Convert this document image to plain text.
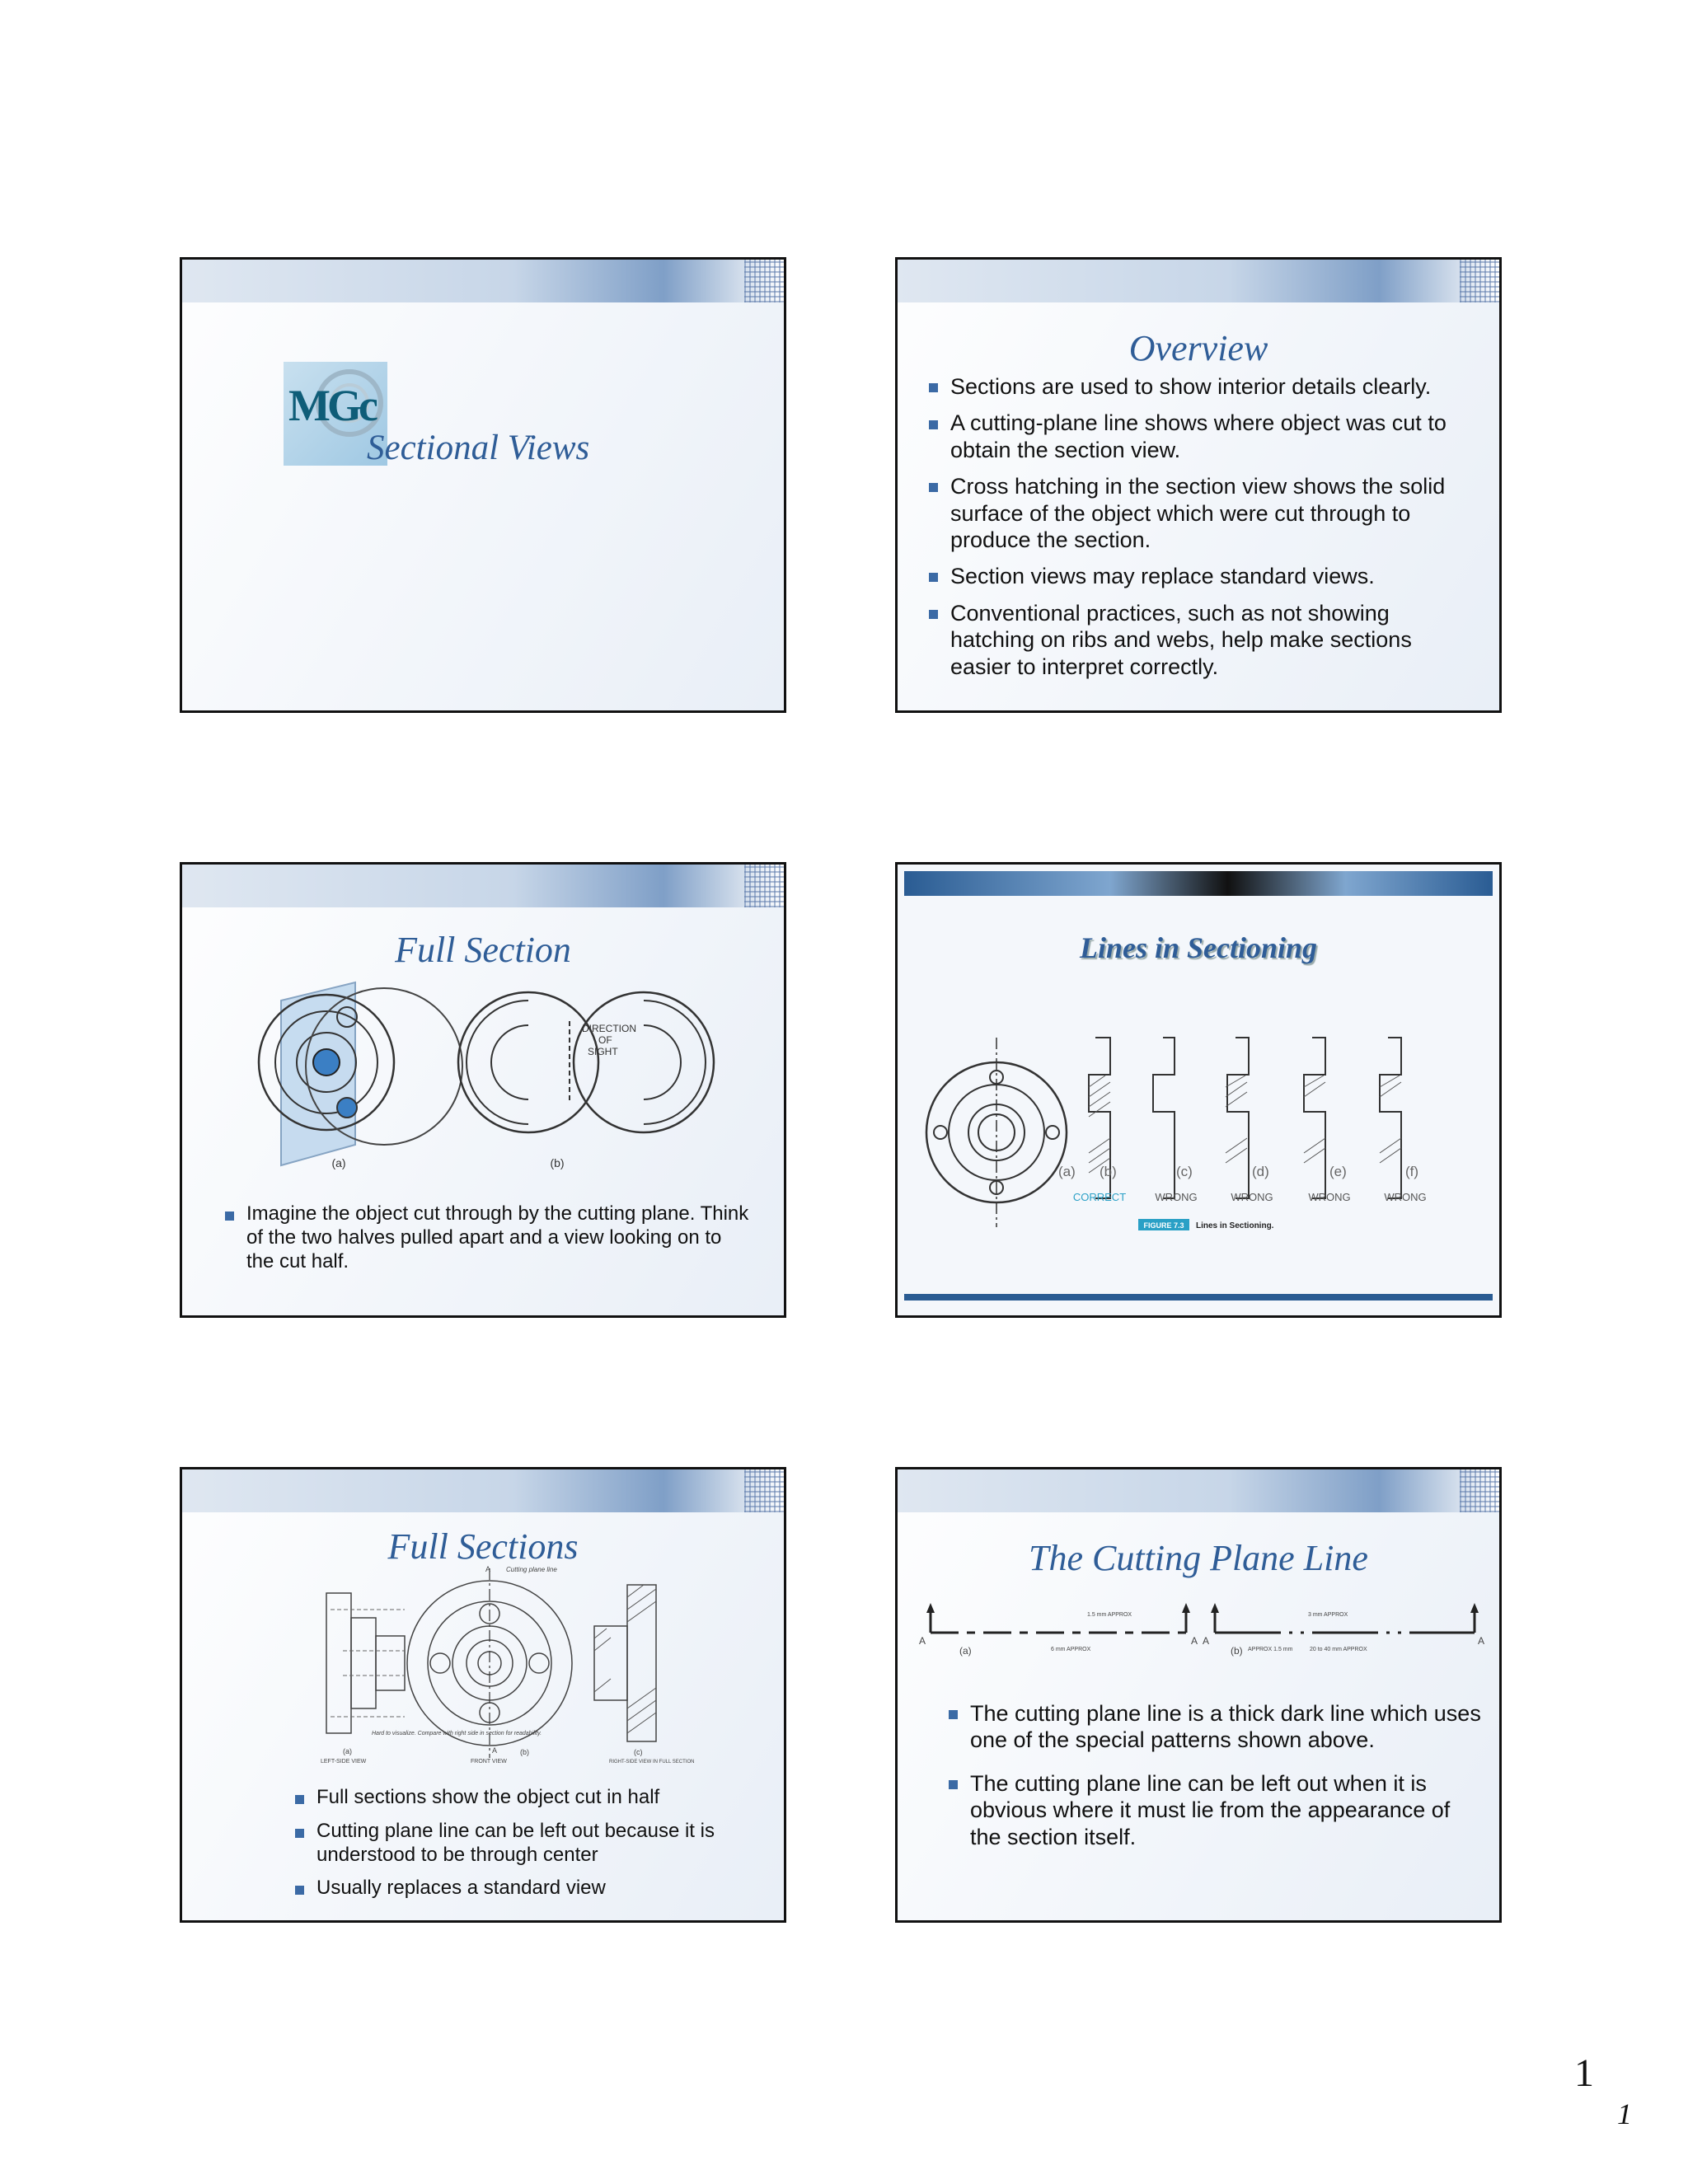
MGc
Sectional Views
Overview
Sections are used to show interior details clearly.
A cutting-plane line shows where object was cut to obtain the section view.
Cross hatching in the section view shows the solid surface of the object which were cut through to produce the section.
Section views may replace standard views.
Conventional practices, such as not showing hatching on ribs and webs, help make sections easier to interpret correctly.
Full Section
(a)
DIRECTION
OF
SIGHT
(b)
Imagine the object cut through by the cutting plane. Think of the two halves pulled apart and a view looking on to the cut half.
Lines in Sectioning
(a) (b)	(c)	(d)	(e)	(f)
CORRECT	WRONG	WRONG	WRONG	WRONG
FIGURE 7.3 Lines in Sectioning.
Full Sections
Cutting plane line
A
Hard to visualize. Compare with right side in section for readability.
(a)
LEFT-SIDE VIEW
A	(b)
FRONT VIEW
(c)
RIGHT-SIDE VIEW IN FULL SECTION
Full sections show the object cut in half
Cutting plane line can be left out because it is understood to be through center
Usually replaces a standard view
The Cutting Plane Line
A	A
1.5 mm APPROX
6 mm APPROX
(a)
A	A
3 mm APPROX
APPROX 1.5 mm	20 to 40 mm APPROX
(b)
The cutting plane line is a thick dark line which uses one of the special patterns shown above.
The cutting plane line can be left out when it is obvious where it must lie from the appearance of the section itself.
1
1
